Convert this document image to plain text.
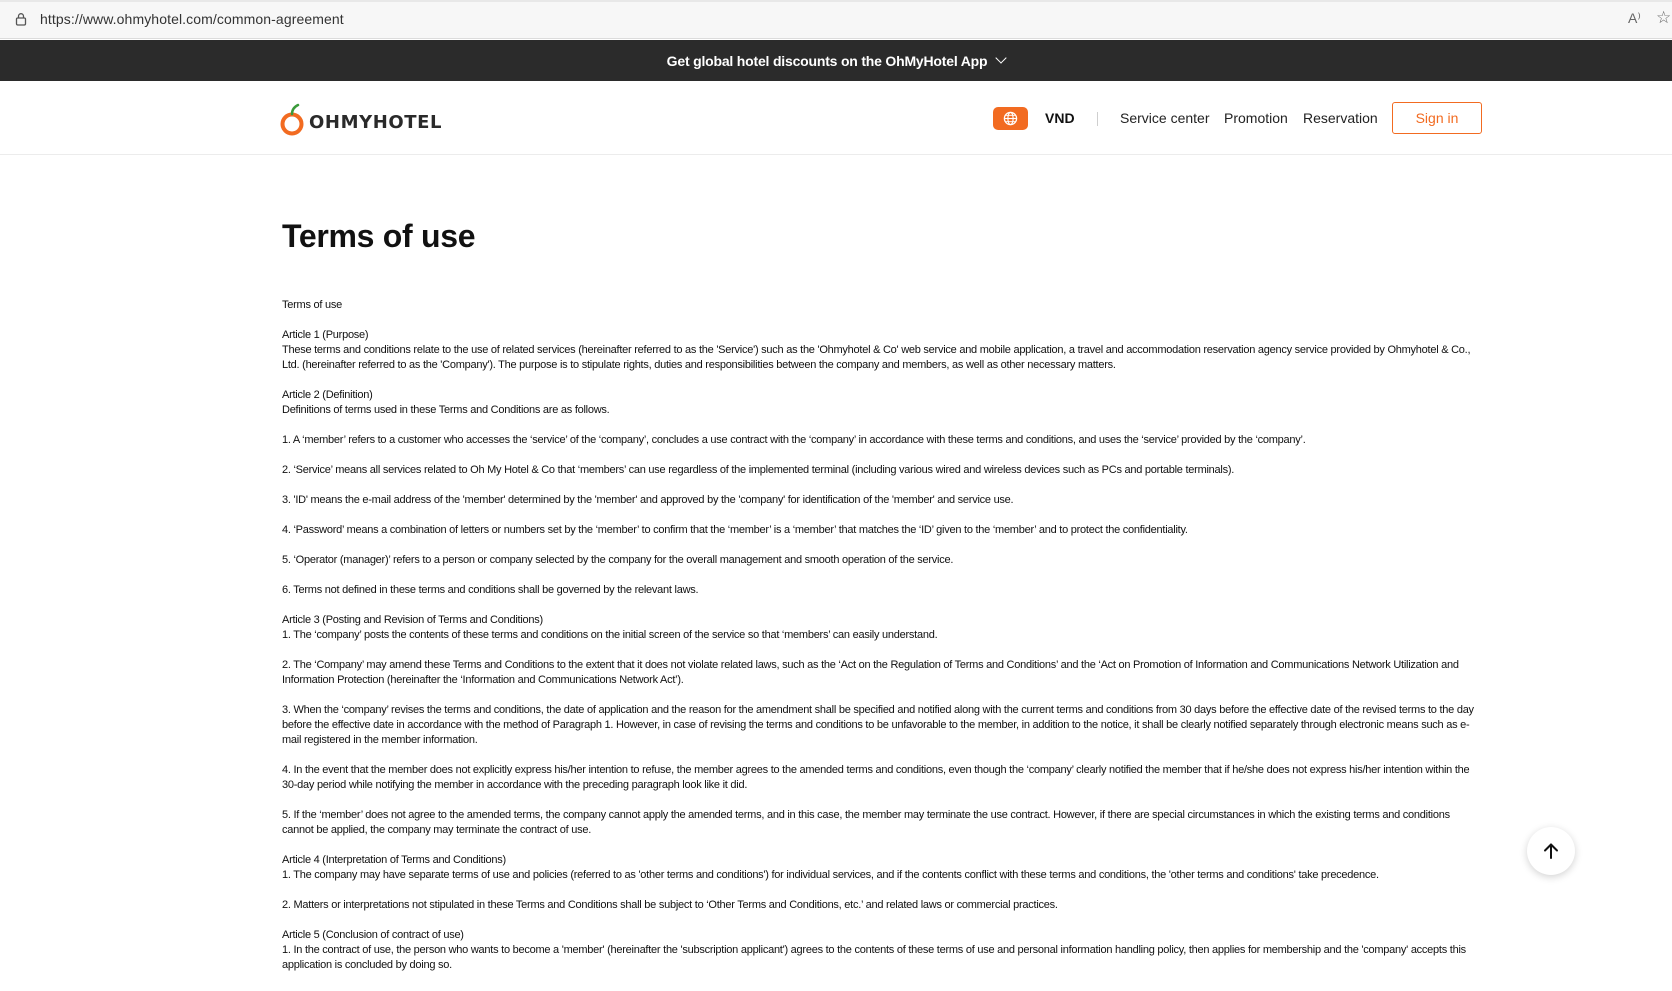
https://www.ohmyhotel.com/common-agreement	A⁾ ☆
Get global hotel discounts on the OhMyHotel App
OHMYHOTEL	VND	Service center Promotion Reservation	Sign in
Terms of use
Terms of use
Article 1 (Purpose)
These terms and conditions relate to the use of related services (hereinafter referred to as the 'Service') such as the 'Ohmyhotel & Co' web service and mobile application, a travel and accommodation reservation agency service provided by Ohmyhotel & Co., Ltd. (hereinafter referred to as the 'Company'). The purpose is to stipulate rights, duties and responsibilities between the company and members, as well as other necessary matters.
Article 2 (Definition)
Definitions of terms used in these Terms and Conditions are as follows.
1. A ‘member’ refers to a customer who accesses the ‘service’ of the ‘company’, concludes a use contract with the ‘company’ in accordance with these terms and conditions, and uses the ‘service’ provided by the ‘company’.
2. ‘Service’ means all services related to Oh My Hotel & Co that ‘members’ can use regardless of the implemented terminal (including various wired and wireless devices such as PCs and portable terminals).
3. 'ID' means the e-mail address of the 'member' determined by the 'member' and approved by the 'company' for identification of the 'member' and service use.
4. ‘Password’ means a combination of letters or numbers set by the ‘member’ to confirm that the ‘member’ is a ‘member’ that matches the ‘ID’ given to the ‘member’ and to protect the confidentiality.
5. ‘Operator (manager)’ refers to a person or company selected by the company for the overall management and smooth operation of the service.
6. Terms not defined in these terms and conditions shall be governed by the relevant laws.
Article 3 (Posting and Revision of Terms and Conditions)
1. The ‘company’ posts the contents of these terms and conditions on the initial screen of the service so that ‘members’ can easily understand.
2. The ‘Company’ may amend these Terms and Conditions to the extent that it does not violate related laws, such as the ‘Act on the Regulation of Terms and Conditions’ and the ‘Act on Promotion of Information and Communications Network Utilization and Information Protection (hereinafter the ‘Information and Communications Network Act’).
3. When the ‘company’ revises the terms and conditions, the date of application and the reason for the amendment shall be specified and notified along with the current terms and conditions from 30 days before the effective date of the revised terms to the day before the effective date in accordance with the method of Paragraph 1. However, in case of revising the terms and conditions to be unfavorable to the member, in addition to the notice, it shall be clearly notified separately through electronic means such as e-mail registered in the member information.
4. In the event that the member does not explicitly express his/her intention to refuse, the member agrees to the amended terms and conditions, even though the ‘company’ clearly notified the member that if he/she does not express his/her intention within the 30-day period while notifying the member in accordance with the preceding paragraph look like it did.
5. If the ‘member’ does not agree to the amended terms, the company cannot apply the amended terms, and in this case, the member may terminate the use contract. However, if there are special circumstances in which the existing terms and conditions cannot be applied, the company may terminate the contract of use.
Article 4 (Interpretation of Terms and Conditions)
1. The company may have separate terms of use and policies (referred to as 'other terms and conditions') for individual services, and if the contents conflict with these terms and conditions, the 'other terms and conditions' take precedence.
2. Matters or interpretations not stipulated in these Terms and Conditions shall be subject to ‘Other Terms and Conditions, etc.’ and related laws or commercial practices.
Article 5 (Conclusion of contract of use)
1. In the contract of use, the person who wants to become a 'member' (hereinafter the 'subscription applicant') agrees to the contents of these terms of use and personal information handling policy, then applies for membership and the 'company' accepts this application is concluded by doing so.
